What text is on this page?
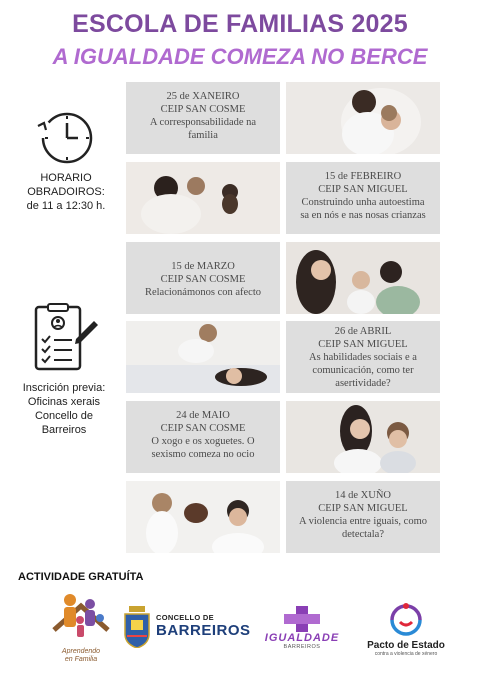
ESCOLA DE FAMILIAS 2025
A IGUALDADE COMEZA NO BERCE
HORARIO
OBRADOIROS:
de 11 a 12:30 h.
Inscrición previa:
Oficinas xerais
Concello de
Barreiros
25 de XANEIRO
CEIP SAN COSME
A corresponsabilidade na
familia
15 de FEBREIRO
CEIP SAN MIGUEL
Construindo unha autoestima
sa en nós e nas nosas crianzas
15 de MARZO
CEIP SAN COSME
Relacionámonos con afecto
26 de ABRIL
CEIP SAN MIGUEL
As habilidades sociais e a
comunicación, como ter
asertividade?
24 de MAIO
CEIP SAN COSME
O xogo e os xoguetes. O
sexismo comeza no ocio
14 de XUÑO
CEIP SAN MIGUEL
A violencia entre iguais, como
detectala?
ACTIVIDADE GRATUÍTA
Aprendendo
en Familia
CONCELLO DE
BARREIROS IGUALDADE
BARREIROS	Pacto de Estado
contra a violencia de xénero
